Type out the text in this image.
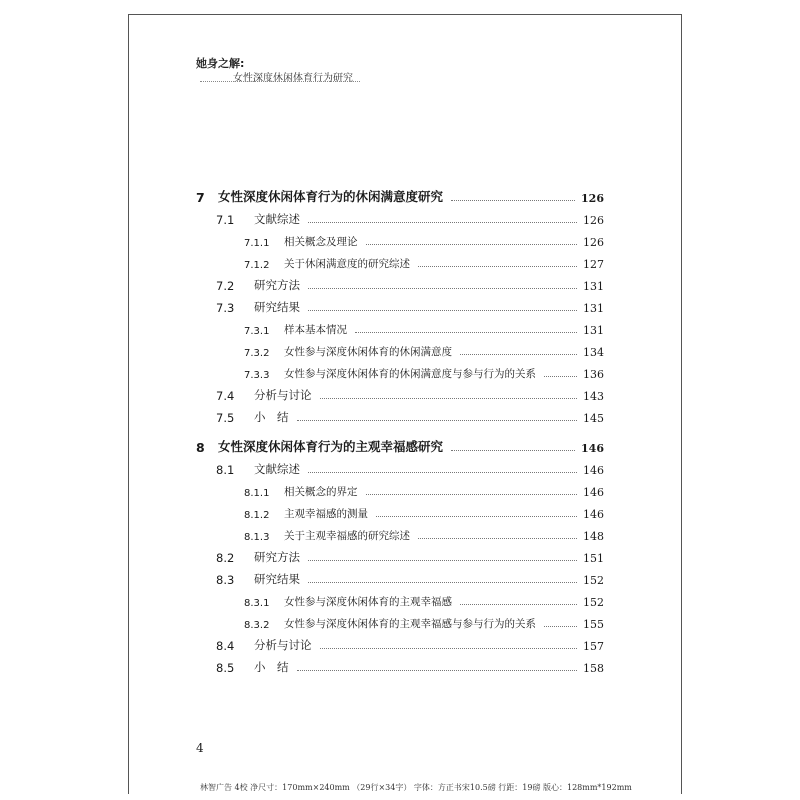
她身之解:
女性深度休闲体育行为研究
7	女性深度休闲体育行为的休闲满意度研究	126
7.1	文献综述	126
7.1.1	相关概念及理论	126
7.1.2	关于休闲满意度的研究综述	127
7.2	研究方法	131
7.3	研究结果	131
7.3.1	样本基本情况	131
7.3.2	女性参与深度休闲体育的休闲满意度	134
7.3.3	女性参与深度休闲体育的休闲满意度与参与行为的关系	136
7.4	分析与讨论	143
7.5	小　结	145
8	女性深度休闲体育行为的主观幸福感研究	146
8.1	文献综述	146
8.1.1	相关概念的界定	146
8.1.2	主观幸福感的测量	146
8.1.3	关于主观幸福感的研究综述	148
8.2	研究方法	151
8.3	研究结果	152
8.3.1	女性参与深度休闲体育的主观幸福感	152
8.3.2	女性参与深度休闲体育的主观幸福感与参与行为的关系	155
8.4	分析与讨论	157
8.5	小　结	158
4
林智广告 4校 净尺寸：170mm×240mm （29行×34字） 字体：方正书宋10.5磅 行距：19磅 版心：128mm*192mm
